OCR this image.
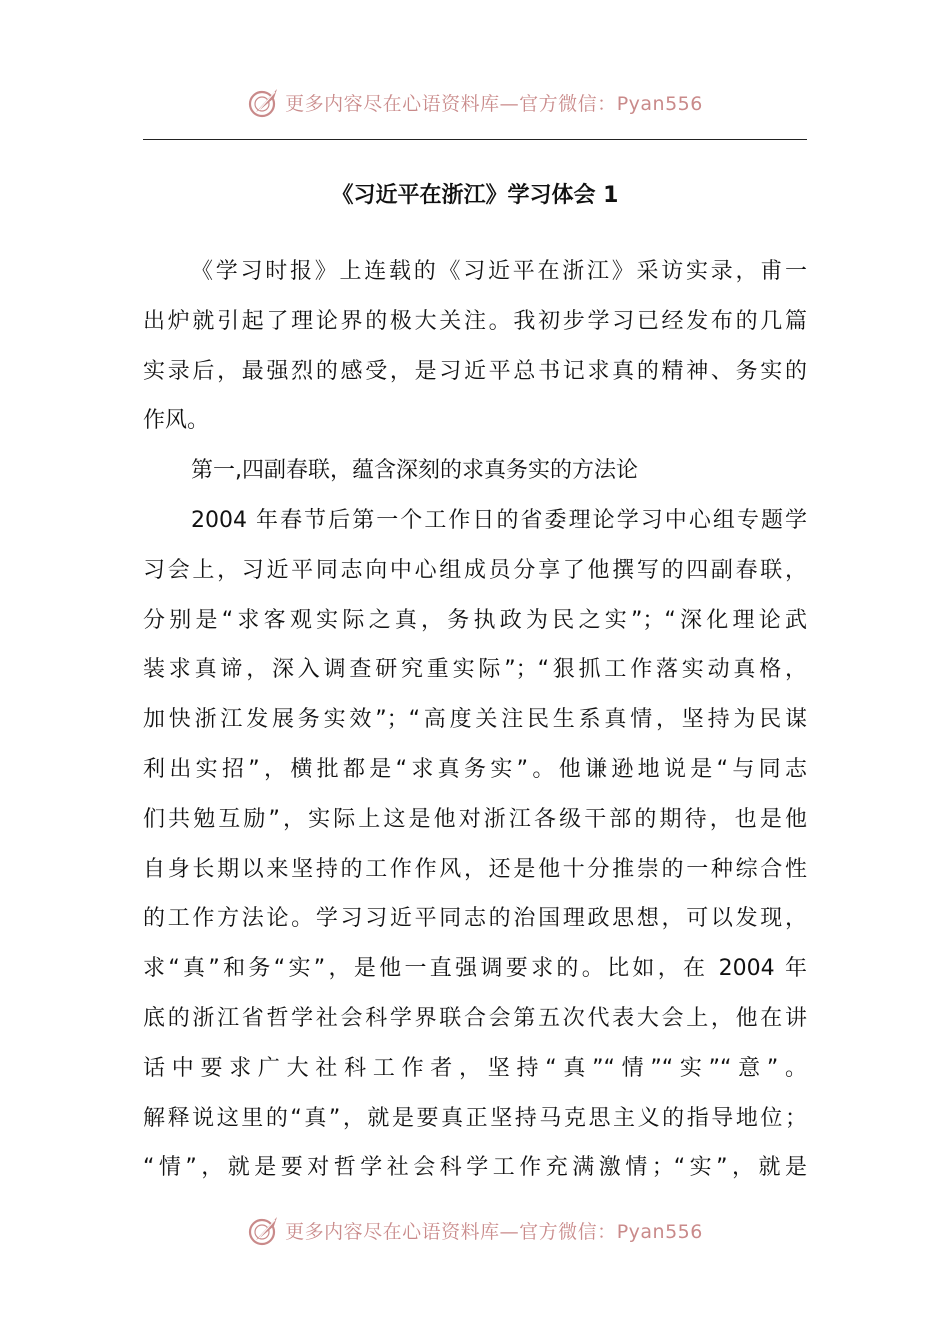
更多内容尽在心语资料库—官方微信：Pyan556
《习近平在浙江》学习体会 1
《学习时报》上连载的《习近平在浙江》采访实录，甫一
出炉就引起了理论界的极大关注。我初步学习已经发布的几篇
实录后，最强烈的感受，是习近平总书记求真的精神、务实的
作风。
第一,四副春联，蕴含深刻的求真务实的方法论
2004 年春节后第一个工作日的省委理论学习中心组专题学
习会上，习近平同志向中心组成员分享了他撰写的四副春联，
分别是“求客观实际之真，务执政为民之实”；“深化理论武
装求真谛，深入调查研究重实际”；“狠抓工作落实动真格，
加快浙江发展务实效”；“高度关注民生系真情，坚持为民谋
利出实招”，横批都是“求真务实”。他谦逊地说是“与同志
们共勉互励”，实际上这是他对浙江各级干部的期待，也是他
自身长期以来坚持的工作作风，还是他十分推崇的一种综合性
的工作方法论。学习习近平同志的治国理政思想，可以发现，
求“真”和务“实”，是他一直强调要求的。比如，在 2004 年
底的浙江省哲学社会科学界联合会第五次代表大会上，他在讲
话中要求广大社科工作者，坚持“真”“情”“实”“意”。
解释说这里的“真”，就是要真正坚持马克思主义的指导地位；
“情”，就是要对哲学社会科学工作充满激情；“实”，就是
更多内容尽在心语资料库—官方微信：Pyan556
